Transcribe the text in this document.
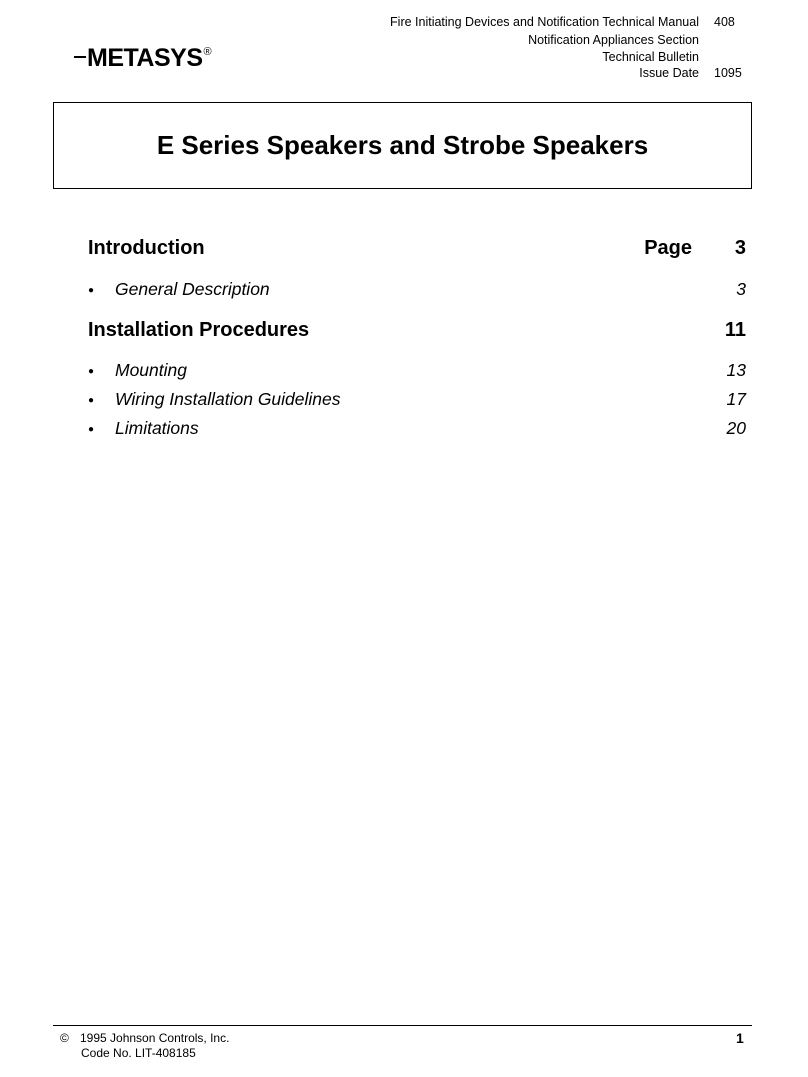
Fire Initiating Devices and Notification Technical Manual 408
Notification Appliances Section
Technical Bulletin
Issue Date 1095
METASYS®
E Series Speakers and Strobe Speakers
Introduction	Page 3
● General Description	3
Installation Procedures	11
● Mounting	13
● Wiring Installation Guidelines	17
● Limitations	20
© 1995 Johnson Controls, Inc.
Code No. LIT-408185
1
